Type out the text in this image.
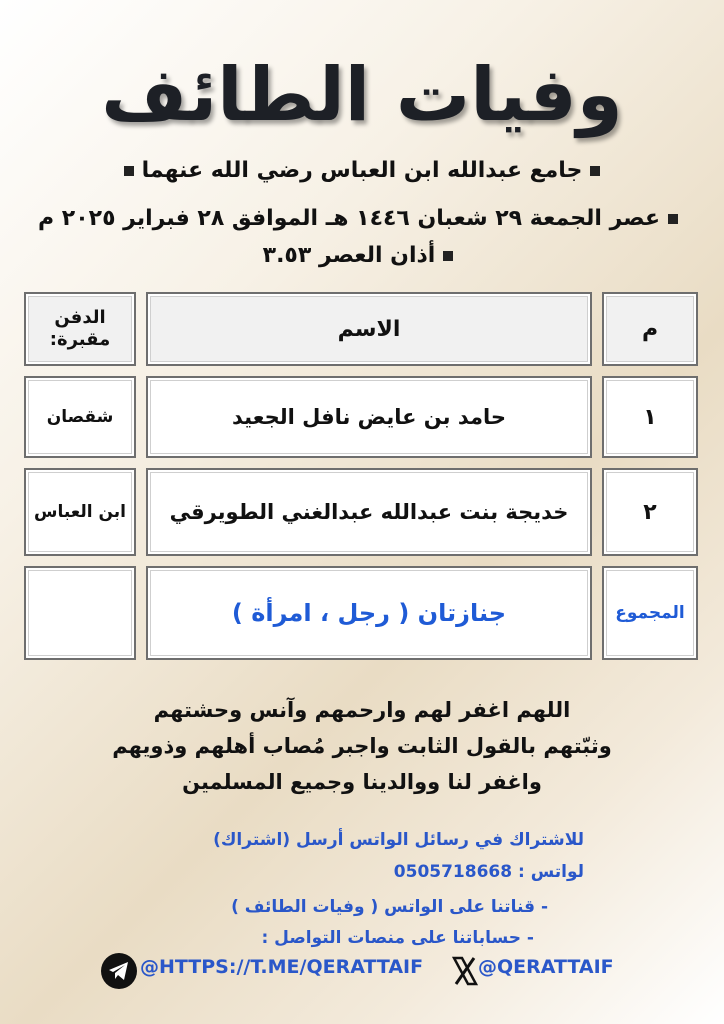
وفيات الطائف
جامع عبدالله ابن العباس رضي الله عنهما
عصر الجمعة ٢٩ شعبان ١٤٤٦ هـ الموافق ٢٨ فبراير ٢٠٢٥ م
أذان العصر ٣.٥٣
م
الاسم
الدفن
مقبرة:
١
حامد بن عايض نافل الجعيد
شقصان
٢
خديجة بنت عبدالله عبدالغني الطويرقي
ابن العباس
المجموع
جنازتان ( رجل ، امرأة )
اللهم اغفر لهم وارحمهم وآنس وحشتهم
وثبّتهم بالقول الثابت واجبر مُصاب أهلهم وذويهم
واغفر لنا ووالدينا وجميع المسلمين
للاشتراك في رسائل الواتس أرسل (اشتراك)
لواتس : 0505718668
- قناتنا على الواتس ( وفيات الطائف )
- حساباتنا على منصات التواصل :
@HTTPS://T.ME/QERATTAIF	@QERATTAIF
